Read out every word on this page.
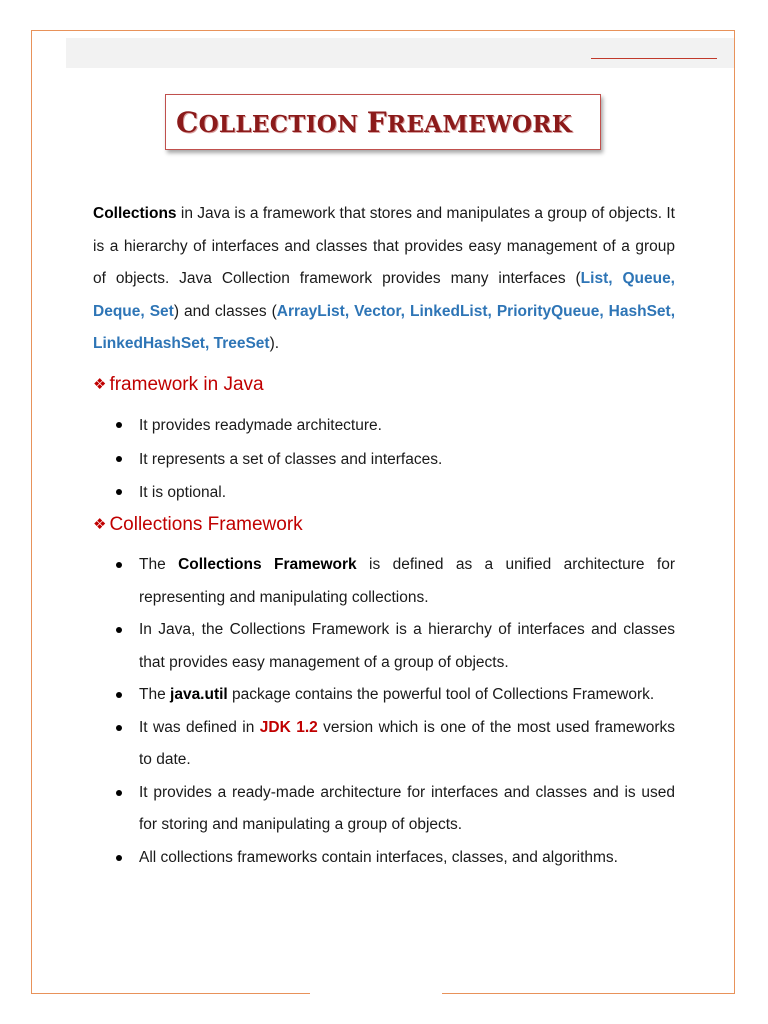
COLLECTION FREAMEWORK

Collections in Java is a framework that stores and manipulates a group of objects. It is a hierarchy of interfaces and classes that provides easy management of a group of objects. Java Collection framework provides many interfaces (List, Queue, Deque, Set) and classes (ArrayList, Vector, LinkedList, PriorityQueue, HashSet, LinkedHashSet, TreeSet).

❖ framework in Java
It provides readymade architecture.
It represents a set of classes and interfaces.
It is optional.
❖ Collections Framework
The Collections Framework is defined as a unified architecture for representing and manipulating collections.
In Java, the Collections Framework is a hierarchy of interfaces and classes that provides easy management of a group of objects.
The java.util package contains the powerful tool of Collections Framework.
It was defined in JDK 1.2 version which is one of the most used frameworks to date.
It provides a ready-made architecture for interfaces and classes and is used for storing and manipulating a group of objects.
All collections frameworks contain interfaces, classes, and algorithms.
